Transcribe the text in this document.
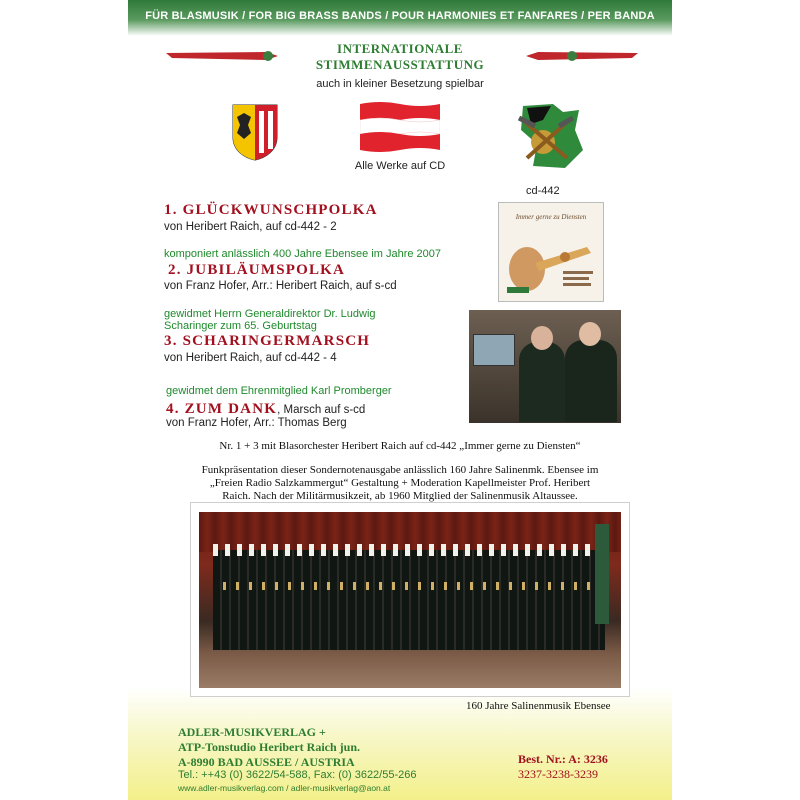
FÜR BLASMUSIK / FOR BIG BRASS BANDS / POUR HARMONIES ET FANFARES / PER BANDA
INTERNATIONALE
STIMMENAUSSTATTUNG
auch in kleiner Besetzung spielbar
Alle Werke auf CD
cd-442
1. GLÜCKWUNSCHPOLKA
von Heribert Raich, auf cd-442 - 2
komponiert anlässlich 400 Jahre Ebensee im Jahre 2007
2. JUBILÄUMSPOLKA
von Franz Hofer, Arr.: Heribert Raich, auf s-cd
gewidmet Herrn Generaldirektor Dr. Ludwig
Scharinger zum 65. Geburtstag
3. SCHARINGERMARSCH
von Heribert Raich, auf cd-442 - 4
gewidmet dem Ehrenmitglied Karl Promberger
4. ZUM DANK, Marsch auf s-cd
von Franz Hofer, Arr.: Thomas Berg
Immer gerne zu Diensten
Nr. 1 + 3 mit Blasorchester Heribert Raich auf cd-442 „Immer gerne zu Diensten“
Funkpräsentation dieser Sondernotenausgabe anlässlich 160 Jahre Salinenmk. Ebensee im
„Freien Radio Salzkammergut“ Gestaltung + Moderation Kapellmeister Prof. Heribert
Raich. Nach der Militärmusikzeit, ab 1960 Mitglied der Salinenmusik Altaussee.
160 Jahre Salinenmusik Ebensee
ADLER-MUSIKVERLAG +
ATP-Tonstudio Heribert Raich jun.
A-8990 BAD AUSSEE / AUSTRIA
Tel.: ++43 (0) 3622/54-588, Fax: (0) 3622/55-266
www.adler-musikverlag.com / adler-musikverlag@aon.at
Best. Nr.: A: 3236
3237-3238-3239
